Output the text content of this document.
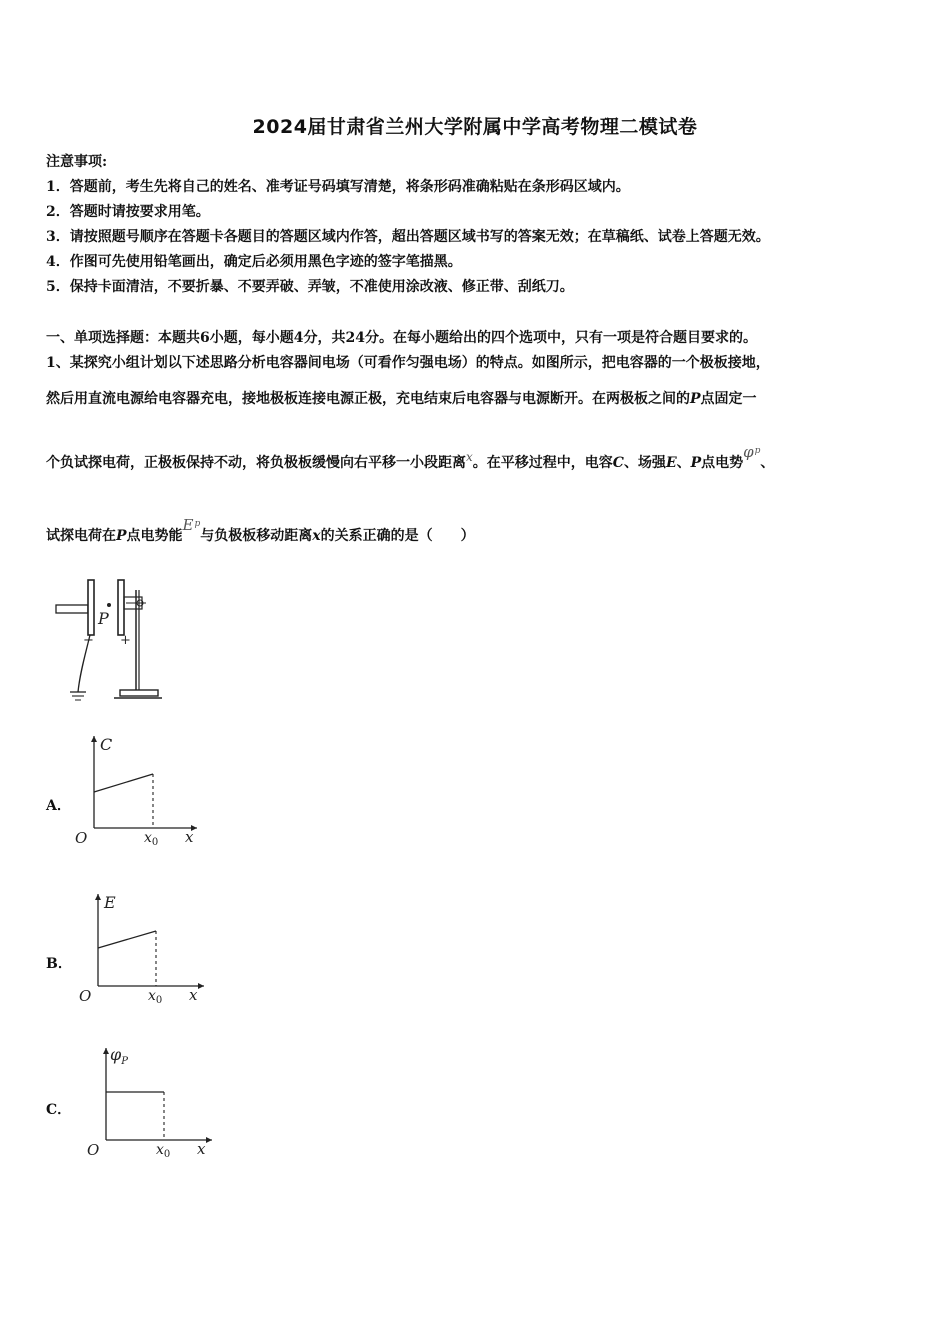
2024届甘肃省兰州大学附属中学高考物理二模试卷
注意事项:
1．答题前，考生先将自己的姓名、准考证号码填写清楚，将条形码准确粘贴在条形码区域内。
2．答题时请按要求用笔。
3．请按照题号顺序在答题卡各题目的答题区域内作答，超出答题区域书写的答案无效；在草稿纸、试卷上答题无效。
4．作图可先使用铅笔画出，确定后必须用黑色字迹的签字笔描黑。
5．保持卡面清洁，不要折暴、不要弄破、弄皱，不准使用涂改液、修正带、刮纸刀。
一、单项选择题：本题共6小题，每小题4分，共24分。在每小题给出的四个选项中，只有一项是符合题目要求的。
1、某探究小组计划以下述思路分析电容器间电场（可看作匀强电场）的特点。如图所示，把电容器的一个极板接地，
然后用直流电源给电容器充电，接地极板连接电源正极，充电结束后电容器与电源断开。在两极板之间的P点固定一
个负试探电荷，正极板保持不动，将负极板缓慢向右平移一小段距离x。在平移过程中，电容C、场强E、P点电势$\varphi^p$、
试探电荷在P点电势能$E^p$与负极板移动距离x的关系正确的是（　　）
P
− +
A．
C
O	$x_0$ x
B．
E
O	$x_0$ x
C．
$\varphi_P$
O	$x_0$ x
